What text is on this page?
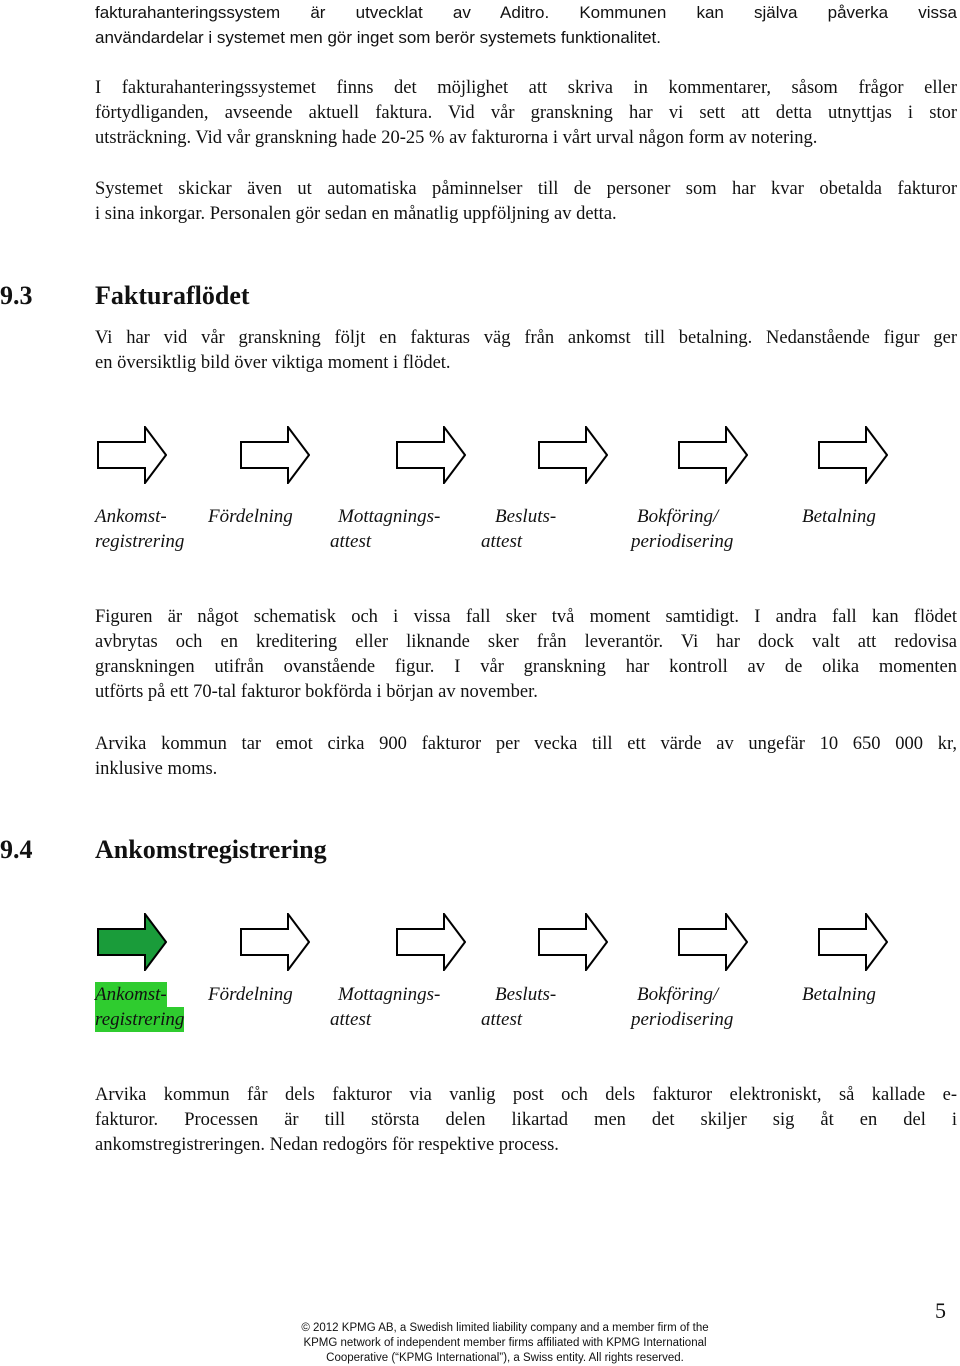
fakturahanteringssystem är utvecklat av Aditro. Kommunen kan själva påverka vissa
användardelar i systemet men gör inget som berör systemets funktionalitet.
I fakturahanteringssystemet finns det möjlighet att skriva in kommentarer, såsom frågor eller
förtydliganden, avseende aktuell faktura. Vid vår granskning har vi sett att detta utnyttjas i stor
utsträckning. Vid vår granskning hade 20-25 % av fakturorna i vårt urval någon form av notering.
Systemet skickar även ut automatiska påminnelser till de personer som har kvar obetalda fakturor
i sina inkorgar. Personalen gör sedan en månatlig uppföljning av detta.
9.3 Fakturaflödet
Vi har vid vår granskning följt en fakturas väg från ankomst till betalning. Nedanstående figur ger
en översiktlig bild över viktiga moment i flödet.
Ankomst-
registrering
Fördelning Mottagnings-
attest
Besluts-
attest
Bokföring/
periodisering
Betalning
Figuren är något schematisk och i vissa fall sker två moment samtidigt. I andra fall kan flödet
avbrytas och en kreditering eller liknande sker från leverantör. Vi har dock valt att redovisa
granskningen utifrån ovanstående figur. I vår granskning har kontroll av de olika momenten
utförts på ett 70-tal fakturor bokförda i början av november.
Arvika kommun tar emot cirka 900 fakturor per vecka till ett värde av ungefär 10 650 000 kr,
inklusive moms.
9.4 Ankomstregistrering
Ankomst-
registrering
Fördelning Mottagnings-
attest
Besluts-
attest
Bokföring/
periodisering
Betalning
Arvika kommun får dels fakturor via vanlig post och dels fakturor elektroniskt, så kallade e-
fakturor. Processen är till största delen likartad men det skiljer sig åt en del i
ankomstregistreringen. Nedan redogörs för respektive process.
© 2012 KPMG AB, a Swedish limited liability company and a member firm of the
KPMG network of independent member firms affiliated with KPMG International
Cooperative (“KPMG International”), a Swiss entity. All rights reserved.
5
